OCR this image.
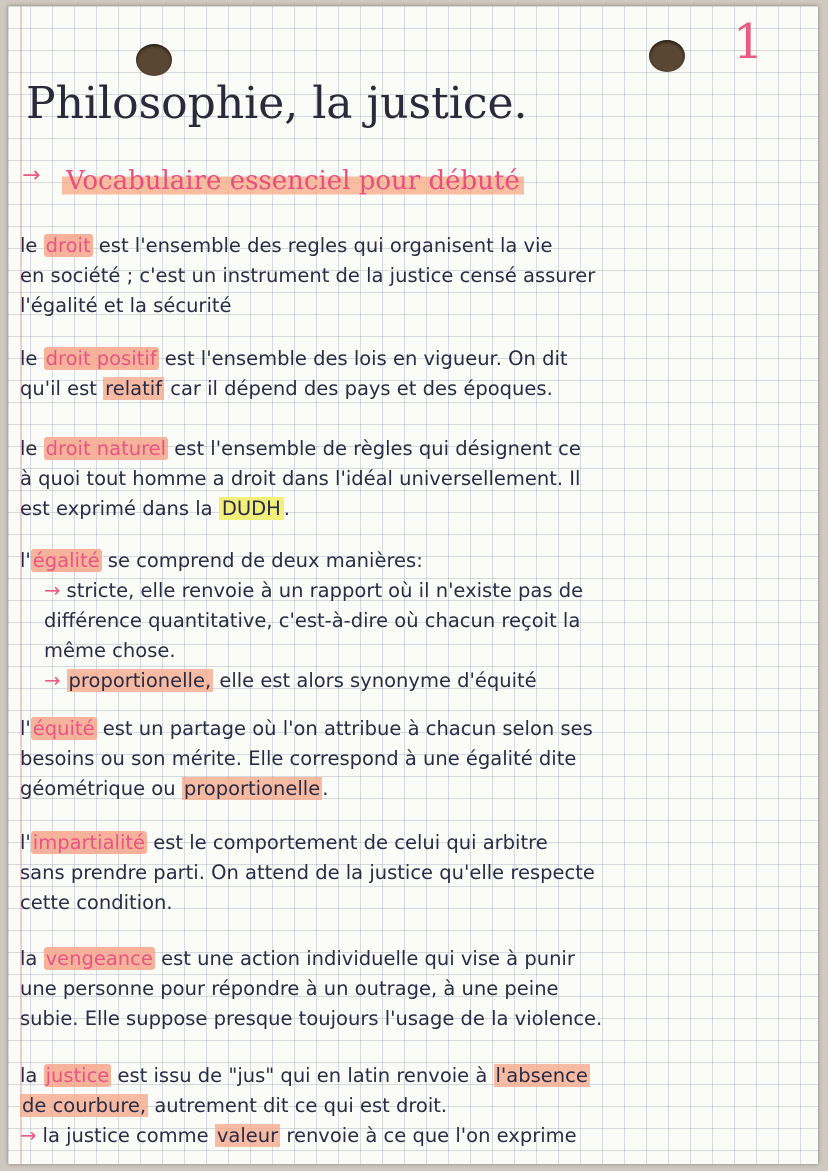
1
Philosophie, la justice.
→ Vocabulaire essenciel pour débuté
le droit est l'ensemble des regles qui organisent la vie
en société ; c'est un instrument de la justice censé assurer
l'égalité et la sécurité
le droit positif est l'ensemble des lois en vigueur. On dit
qu'il est relatif car il dépend des pays et des époques.
le droit naturel est l'ensemble de règles qui désignent ce
à quoi tout homme a droit dans l'idéal universellement. Il
est exprimé dans la DUDH .
l' égalité se comprend de deux manières:
→ stricte, elle renvoie à un rapport où il n'existe pas de
différence quantitative, c'est-à-dire où chacun reçoit la
même chose.
→ proportionelle, elle est alors synonyme d'équité
l' équité est un partage où l'on attribue à chacun selon ses
besoins ou son mérite. Elle correspond à une égalité dite
géométrique ou proportionelle .
l' impartialité est le comportement de celui qui arbitre
sans prendre parti. On attend de la justice qu'elle respecte
cette condition.
la vengeance est une action individuelle qui vise à punir
une personne pour répondre à un outrage, à une peine
subie. Elle suppose presque toujours l'usage de la violence.
la justice est issu de "jus" qui en latin renvoie à l'absence
de courbure, autrement dit ce qui est droit.
→ la justice comme valeur renvoie à ce que l'on exprime
